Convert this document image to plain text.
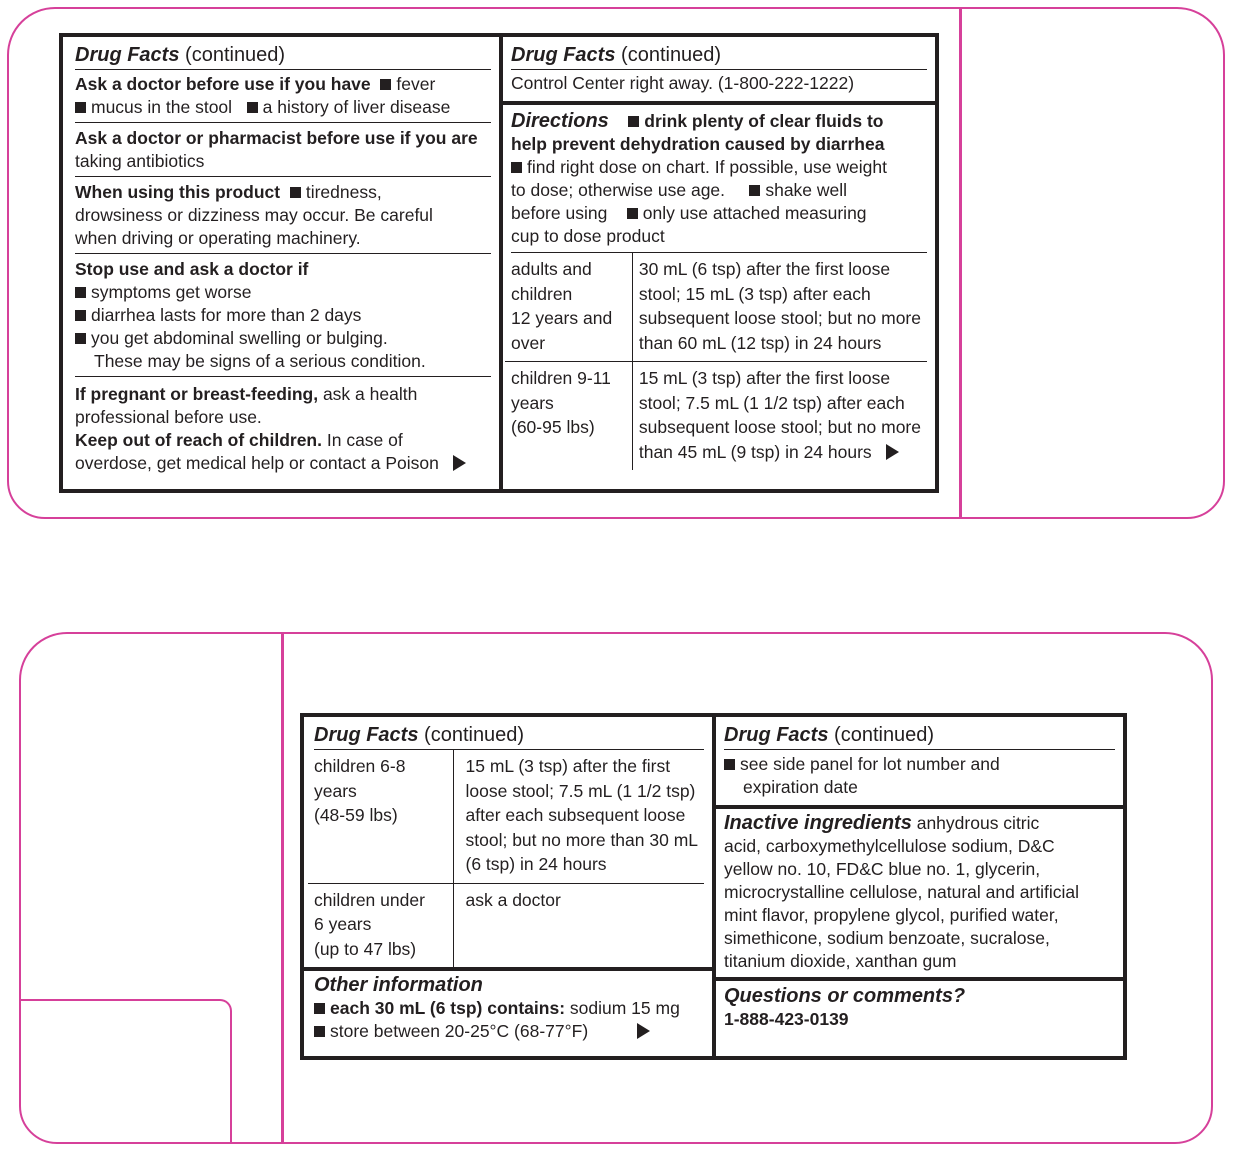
Drug Facts (continued)
Ask a doctor before use if you have fever
mucus in the stool a history of liver disease
Ask a doctor or pharmacist before use if you are taking antibiotics
When using this product tiredness,
drowsiness or dizziness may occur. Be careful
when driving or operating machinery.
Stop use and ask a doctor if
symptoms get worse
diarrhea lasts for more than 2 days
you get abdominal swelling or bulging.
These may be signs of a serious condition.
If pregnant or breast-feeding, ask a health
professional before use.
Keep out of reach of children. In case of
overdose, get medical help or contact a Poison
Drug Facts (continued)
Control Center right away. (1-800-222-1222)
Directions drink plenty of clear fluids to
help prevent dehydration caused by diarrhea
find right dose on chart. If possible, use weight
to dose; otherwise use age. shake well
before using only use attached measuring
cup to dose product
adults and children
12 years and over	30 mL (6 tsp) after the first loose
stool; 15 mL (3 tsp) after each
subsequent loose stool; but no more
than 60 mL (12 tsp) in 24 hours
children 9-11 years
(60-95 lbs)	15 mL (3 tsp) after the first loose
stool; 7.5 mL (1 1/2 tsp) after each
subsequent loose stool; but no more
than 45 mL (9 tsp) in 24 hours
Drug Facts (continued)
children 6-8 years
(48-59 lbs)	15 mL (3 tsp) after the first
loose stool; 7.5 mL (1 1/2 tsp)
after each subsequent loose
stool; but no more than 30 mL
(6 tsp) in 24 hours
children under
6 years
(up to 47 lbs)	ask a doctor
Other information
each 30 mL (6 tsp) contains: sodium 15 mg
store between 20-25°C (68-77°F)
Drug Facts (continued)
see side panel for lot number and
expiration date
Inactive ingredients anhydrous citric
acid, carboxymethylcellulose sodium, D&C
yellow no. 10, FD&C blue no. 1, glycerin,
microcrystalline cellulose, natural and artificial
mint flavor, propylene glycol, purified water,
simethicone, sodium benzoate, sucralose,
titanium dioxide, xanthan gum
Questions or comments?
1-888-423-0139
